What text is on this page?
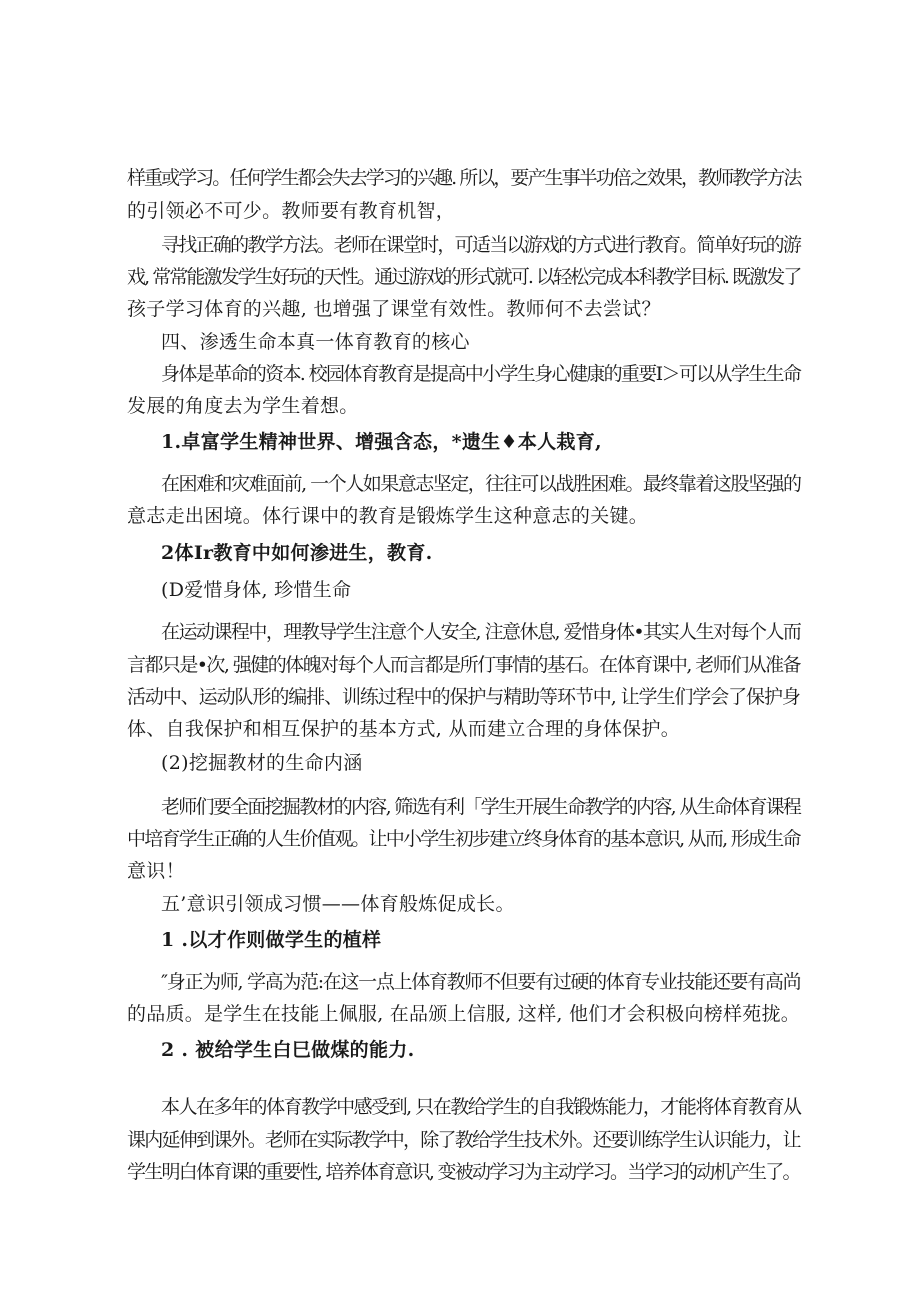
样重或学习。任何学生都会失去学习的兴趣. 所以，要产生事半功倍之效果，教师教学方法
的引领必不可少。教师要有教育机智，
寻找正确的教学方法。老师在课堂时，可适当以游戏的方式进行教育。简单好玩的游
戏, 常常能激发学生好玩的天性。通过游戏的形式就可. 以轻松完成本科教学目标. 既激发了
孩子学习体育的兴趣, 也增强了课堂有效性。教师何不去尝试？
四、渗透生命本真一体育教育的核心
身体是革命的资本. 校园体育教育是提高中小学生身心健康的重要I＞可以从学生生命
发展的角度去为学生着想。
1.卓富学生精神世界、增强含态，*遗生♦本人栽育,
在困难和灾难面前, 一个人如果意志坚定，往往可以战胜困难。最终靠着这股坚强的
意志走出困境。体行课中的教育是锻炼学生这种意志的关键。
2体Ir教育中如何渗进生，教育.
(D爱惜身体, 珍惜生命
在运动课程中，理教导学生注意个人安全, 注意休息, 爱惜身体•其实人生对每个人而
言都只是•次, 强健的体魄对每个人而言都是所仃事情的基石。在体育课中, 老师们从准备
活动中、运动队形的编排、训练过程中的保护与精助等环节中, 让学生们学会了保护身
体、自我保护和相互保护的基本方式, 从而建立合理的身体保护。
(2)挖掘教材的生命内涵
老师们要全面挖掘教材的内容, 筛选有利「学生开展生命教学的内容, 从生命体育课程
中培育学生正确的人生价值观。让中小学生初步建立终身体育的基本意识, 从而, 形成生命
意识！
五’意识引领成习惯——体育般炼促成长。
1 .以才作则做学生的植样
″身正为师, 学高为范:在这一点上体育教师不但要有过硬的体育专业技能还要有高尚
的品质。是学生在技能上佩服, 在品颁上信服, 这样, 他们才会积极向榜样苑拢。
2 . 被给学生白巳做煤的能力.
本人在多年的体育教学中感受到, 只在教给学生的自我锻炼能力，才能将体育教育从
课内延伸到课外。老师在实际教学中，除了教给学生技术外。还要训练学生认识能力，让
学生明白体育课的重要性, 培养体育意识, 变被动学习为主动学习。当学习的动机产生了。
